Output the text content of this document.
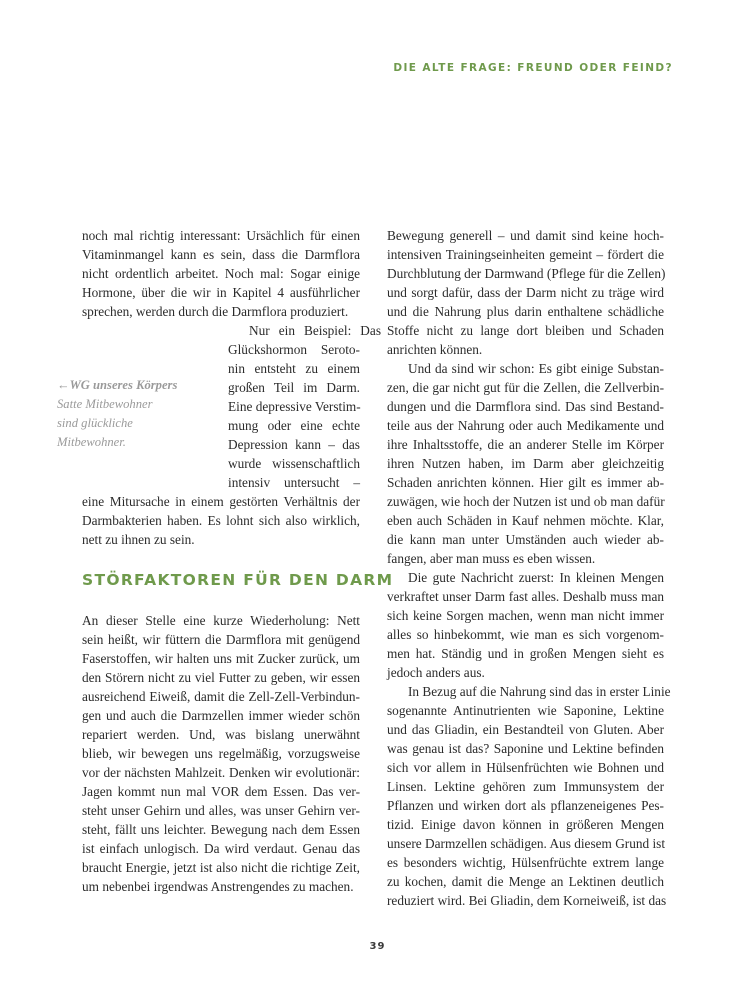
DIE ALTE FRAGE: FREUND ODER FEIND?
←WG unseres Körpers
Satte Mitbewohner
sind glückliche
Mitbewohner.
noch mal richtig interessant: Ursächlich für einen
Vitaminmangel kann es sein, dass die Darmflora
nicht ordentlich arbeitet. Noch mal: Sogar einige
Hormone, über die wir in Kapitel 4 ausführlicher
sprechen, werden durch die Darmflora produziert.
Nur ein Beispiel: Das
Glückshormon Seroto-
nin entsteht zu einem
großen Teil im Darm.
Eine depressive Verstim-
mung oder eine echte
Depression kann – das
wurde wissenschaftlich
intensiv untersucht –
eine Mitursache in einem gestörten Verhältnis der
Darmbakterien haben. Es lohnt sich also wirklich,
nett zu ihnen zu sein.
STÖRFAKTOREN FÜR DEN DARM
An dieser Stelle eine kurze Wiederholung: Nett
sein heißt, wir füttern die Darmflora mit genügend
Faserstoffen, wir halten uns mit Zucker zurück, um
den Störern nicht zu viel Futter zu geben, wir essen
ausreichend Eiweiß, damit die Zell-Zell-Verbindun-
gen und auch die Darmzellen immer wieder schön
repariert werden. Und, was bislang unerwähnt
blieb, wir bewegen uns regelmäßig, vorzugsweise
vor der nächsten Mahlzeit. Denken wir evolutionär:
Jagen kommt nun mal VOR dem Essen. Das ver-
steht unser Gehirn und alles, was unser Gehirn ver-
steht, fällt uns leichter. Bewegung nach dem Essen
ist einfach unlogisch. Da wird verdaut. Genau das
braucht Energie, jetzt ist also nicht die richtige Zeit,
um nebenbei irgendwas Anstrengendes zu machen.
Bewegung generell – und damit sind keine hoch-
intensiven Trainingseinheiten gemeint – fördert die
Durchblutung der Darmwand (Pflege für die Zellen)
und sorgt dafür, dass der Darm nicht zu träge wird
und die Nahrung plus darin enthaltene schädliche
Stoffe nicht zu lange dort bleiben und Schaden
anrichten können.
Und da sind wir schon: Es gibt einige Substan-
zen, die gar nicht gut für die Zellen, die Zellverbin-
dungen und die Darmflora sind. Das sind Bestand-
teile aus der Nahrung oder auch Medikamente und
ihre Inhaltsstoffe, die an anderer Stelle im Körper
ihren Nutzen haben, im Darm aber gleichzeitig
Schaden anrichten können. Hier gilt es immer ab-
zuwägen, wie hoch der Nutzen ist und ob man dafür
eben auch Schäden in Kauf nehmen möchte. Klar,
die kann man unter Umständen auch wieder ab-
fangen, aber man muss es eben wissen.
Die gute Nachricht zuerst: In kleinen Mengen
verkraftet unser Darm fast alles. Deshalb muss man
sich keine Sorgen machen, wenn man nicht immer
alles so hinbekommt, wie man es sich vorgenom-
men hat. Ständig und in großen Mengen sieht es
jedoch anders aus.
In Bezug auf die Nahrung sind das in erster Linie
sogenannte Antinutrienten wie Saponine, Lektine
und das Gliadin, ein Bestandteil von Gluten. Aber
was genau ist das? Saponine und Lektine befinden
sich vor allem in Hülsenfrüchten wie Bohnen und
Linsen. Lektine gehören zum Immunsystem der
Pflanzen und wirken dort als pflanzeneigenes Pes-
tizid. Einige davon können in größeren Mengen
unsere Darmzellen schädigen. Aus diesem Grund ist
es besonders wichtig, Hülsenfrüchte extrem lange
zu kochen, damit die Menge an Lektinen deutlich
reduziert wird. Bei Gliadin, dem Korneiweiß, ist das
39
